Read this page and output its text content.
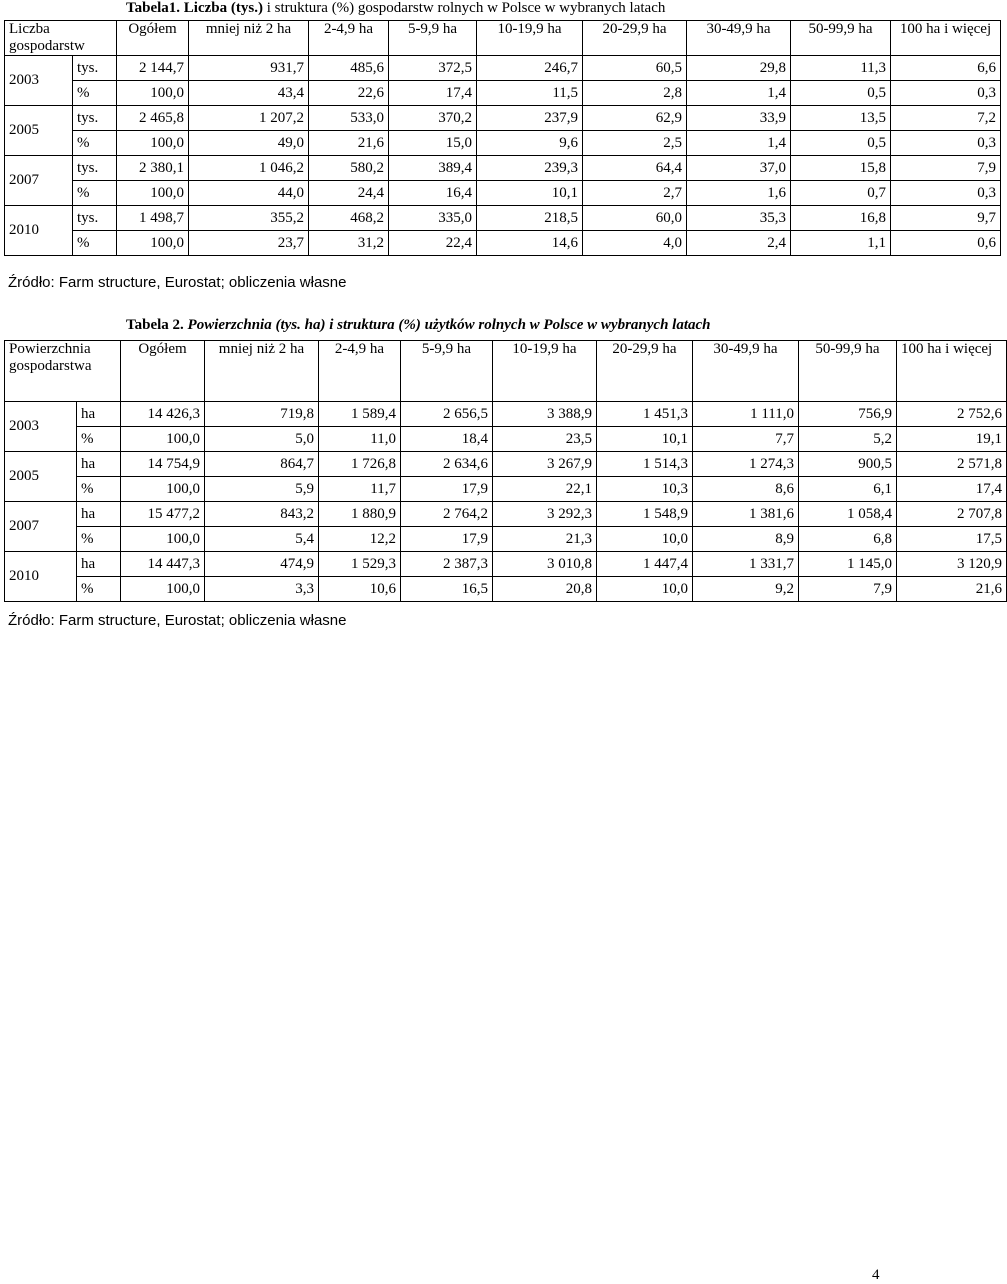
Tabela1. Liczba (tys.) i struktura (%) gospodarstw rolnych w Polsce w wybranych latach
Liczba
gospodarstw		Ogółem	mniej niż 2 ha	2-4,9 ha	5-9,9 ha	10-19,9 ha	20-29,9 ha	30-49,9 ha	50-99,9 ha	100 ha i więcej
2003	tys.	2 144,7	931,7	485,6	372,5	246,7	60,5	29,8	11,3	6,6
	%	100,0	43,4	22,6	17,4	11,5	2,8	1,4	0,5	0,3
2005	tys.	2 465,8	1 207,2	533,0	370,2	237,9	62,9	33,9	13,5	7,2
	%	100,0	49,0	21,6	15,0	9,6	2,5	1,4	0,5	0,3
2007	tys.	2 380,1	1 046,2	580,2	389,4	239,3	64,4	37,0	15,8	7,9
	%	100,0	44,0	24,4	16,4	10,1	2,7	1,6	0,7	0,3
2010	tys.	1 498,7	355,2	468,2	335,0	218,5	60,0	35,3	16,8	9,7
	%	100,0	23,7	31,2	22,4	14,6	4,0	2,4	1,1	0,6
Źródło: Farm structure, Eurostat; obliczenia własne
Tabela 2. Powierzchnia (tys. ha) i struktura (%) użytków rolnych w Polsce w wybranych latach
Powierzchnia gospodarstwa		Ogółem	mniej niż 2 ha	2-4,9 ha	5-9,9 ha	10-19,9 ha	20-29,9 ha	30-49,9 ha	50-99,9 ha	100 ha i więcej
2003	ha	14 426,3	719,8	1 589,4	2 656,5	3 388,9	1 451,3	1 111,0	756,9	2 752,6
	%	100,0	5,0	11,0	18,4	23,5	10,1	7,7	5,2	19,1
2005	ha	14 754,9	864,7	1 726,8	2 634,6	3 267,9	1 514,3	1 274,3	900,5	2 571,8
	%	100,0	5,9	11,7	17,9	22,1	10,3	8,6	6,1	17,4
2007	ha	15 477,2	843,2	1 880,9	2 764,2	3 292,3	1 548,9	1 381,6	1 058,4	2 707,8
	%	100,0	5,4	12,2	17,9	21,3	10,0	8,9	6,8	17,5
2010	ha	14 447,3	474,9	1 529,3	2 387,3	3 010,8	1 447,4	1 331,7	1 145,0	3 120,9
	%	100,0	3,3	10,6	16,5	20,8	10,0	9,2	7,9	21,6
Źródło: Farm structure, Eurostat; obliczenia własne
4
